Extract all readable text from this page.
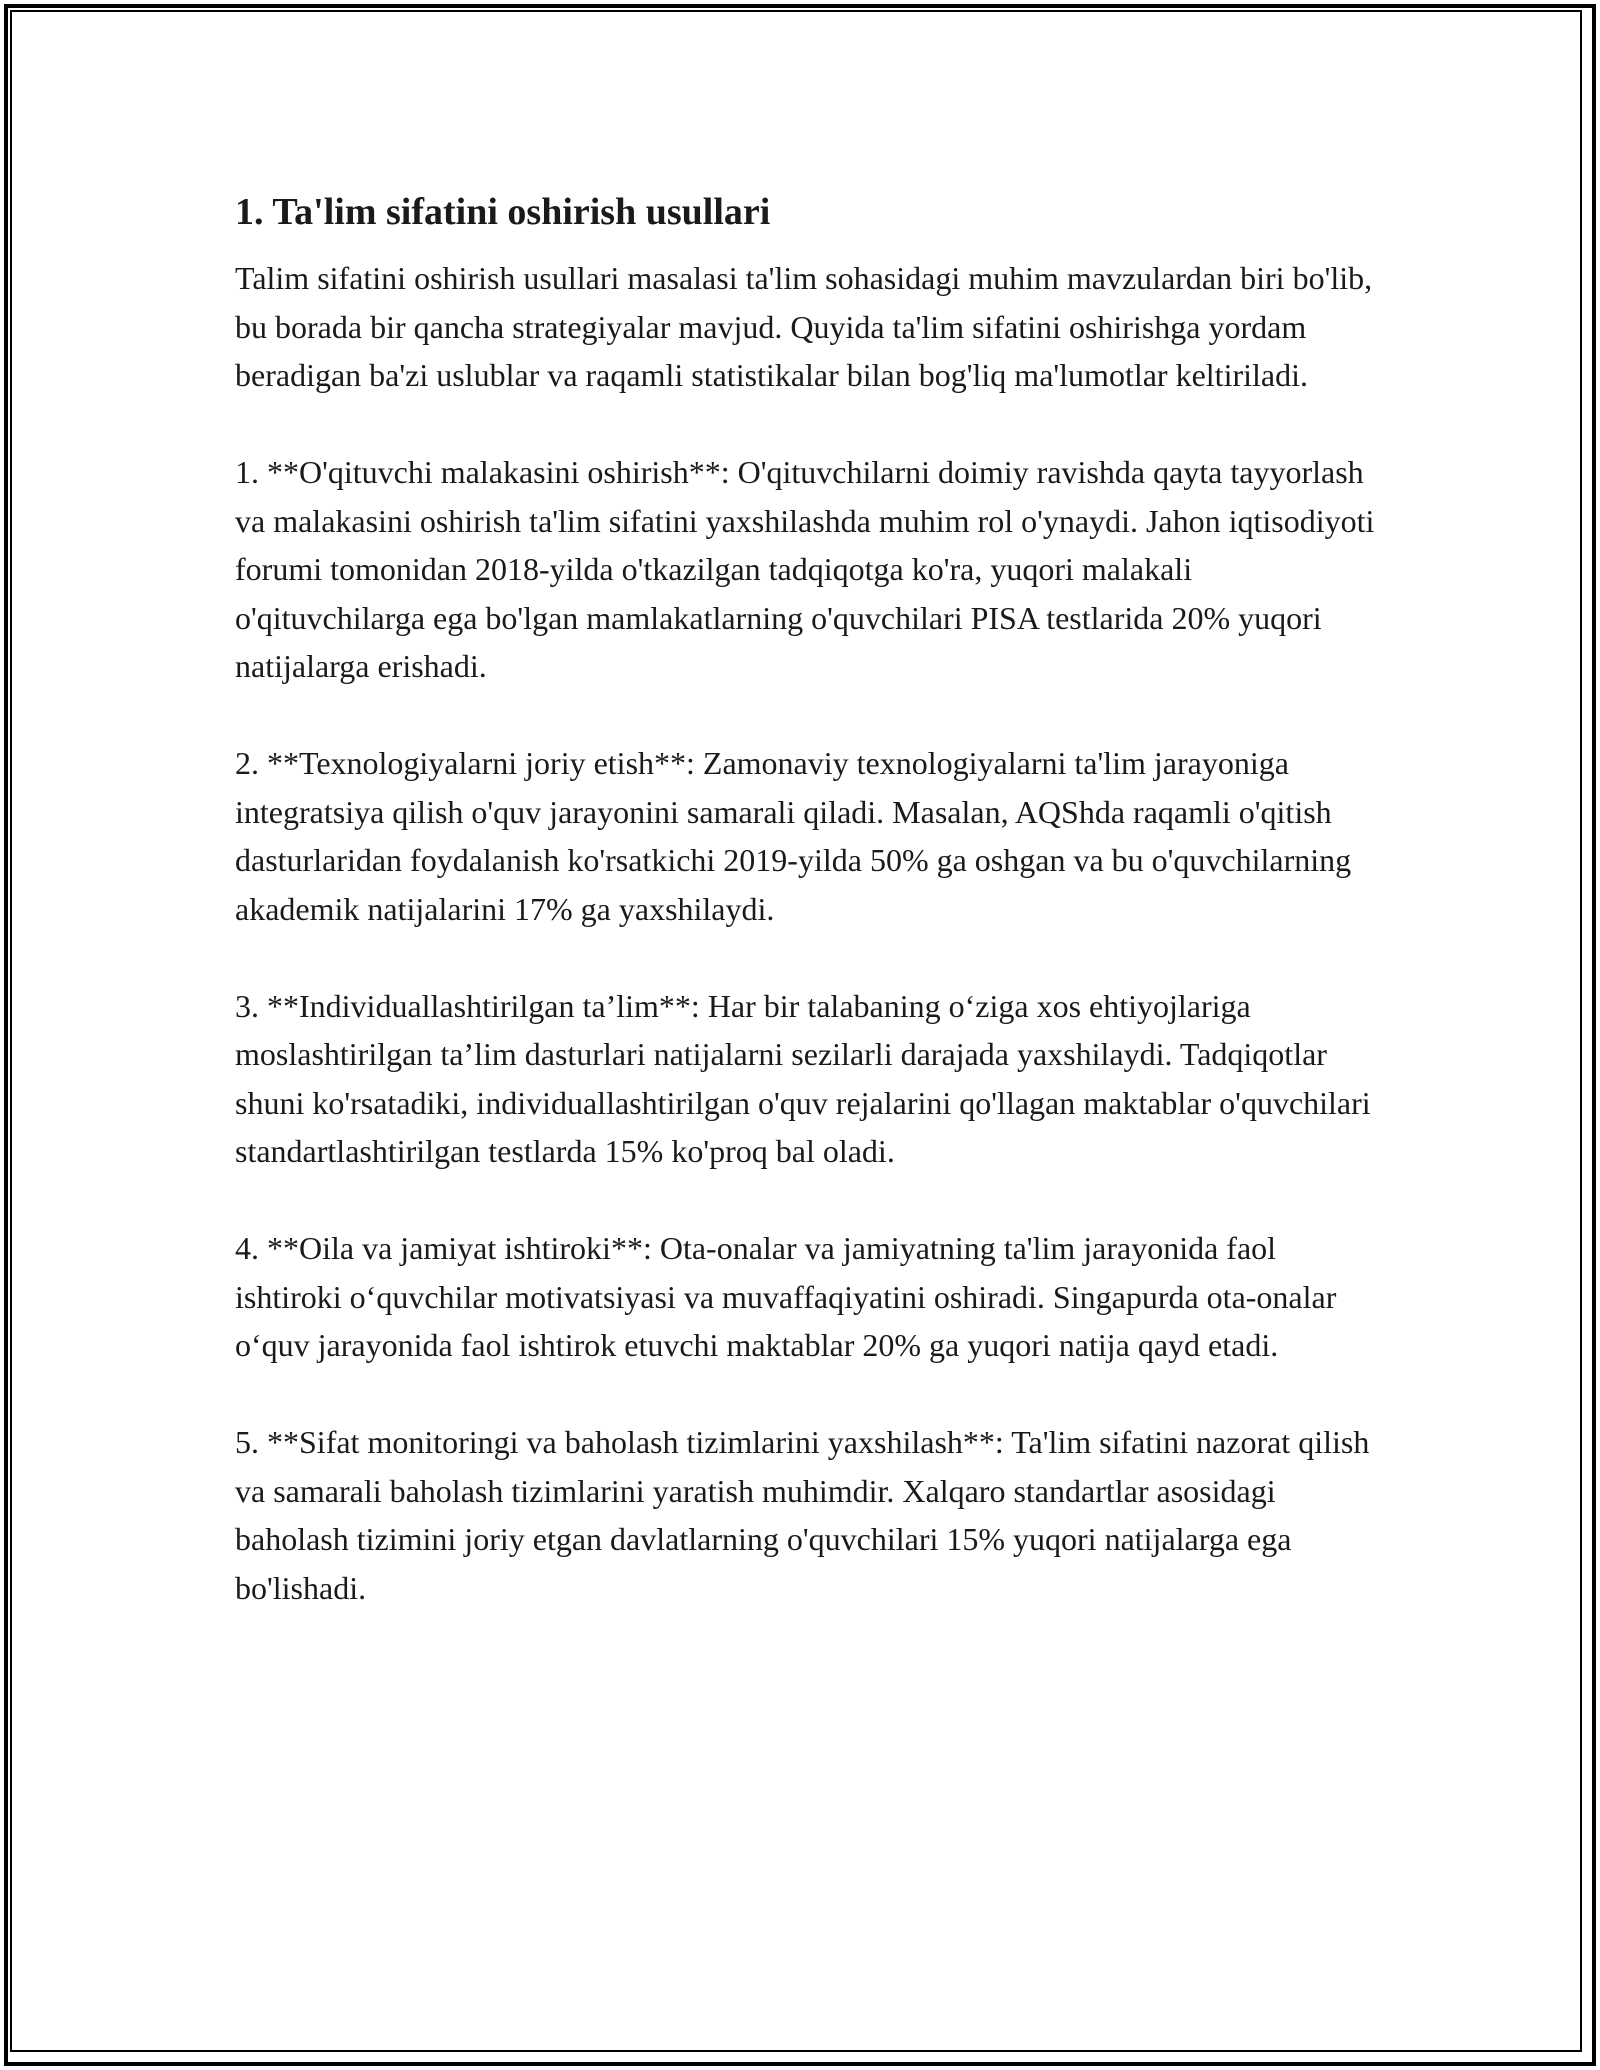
1. Ta'lim sifatini oshirish usullari

Talim sifatini oshirish usullari masalasi ta'lim sohasidagi muhim mavzulardan biri bo'lib, bu borada bir qancha strategiyalar mavjud. Quyida ta'lim sifatini oshirishga yordam beradigan ba'zi uslublar va raqamli statistikalar bilan bog'liq ma'lumotlar keltiriladi.

1. **O'qituvchi malakasini oshirish**: O'qituvchilarni doimiy ravishda qayta tayyorlash va malakasini oshirish ta'lim sifatini yaxshilashda muhim rol o'ynaydi. Jahon iqtisodiyoti forumi tomonidan 2018-yilda o'tkazilgan tadqiqotga ko'ra, yuqori malakali o'qituvchilarga ega bo'lgan mamlakatlarning o'quvchilari PISA testlarida 20% yuqori natijalarga erishadi.

2. **Texnologiyalarni joriy etish**: Zamonaviy texnologiyalarni ta'lim jarayoniga integratsiya qilish o'quv jarayonini samarali qiladi. Masalan, AQShda raqamli o'qitish dasturlaridan foydalanish ko'rsatkichi 2019-yilda 50% ga oshgan va bu o'quvchilarning akademik natijalarini 17% ga yaxshilaydi.

3. **Individuallashtirilgan ta’lim**: Har bir talabaning o‘ziga xos ehtiyojlariga moslashtirilgan ta’lim dasturlari natijalarni sezilarli darajada yaxshilaydi. Tadqiqotlar shuni ko'rsatadiki, individuallashtirilgan o'quv rejalarini qo'llagan maktablar o'quvchilari standartlashtirilgan testlarda 15% ko'proq bal oladi.

4. **Oila va jamiyat ishtiroki**: Ota-onalar va jamiyatning ta'lim jarayonida faol ishtiroki o‘quvchilar motivatsiyasi va muvaffaqiyatini oshiradi. Singapurda ota-onalar o‘quv jarayonida faol ishtirok etuvchi maktablar 20% ga yuqori natija qayd etadi.

5. **Sifat monitoringi va baholash tizimlarini yaxshilash**: Ta'lim sifatini nazorat qilish va samarali baholash tizimlarini yaratish muhimdir. Xalqaro standartlar asosidagi baholash tizimini joriy etgan davlatlarning o'quvchilari 15% yuqori natijalarga ega bo'lishadi.
